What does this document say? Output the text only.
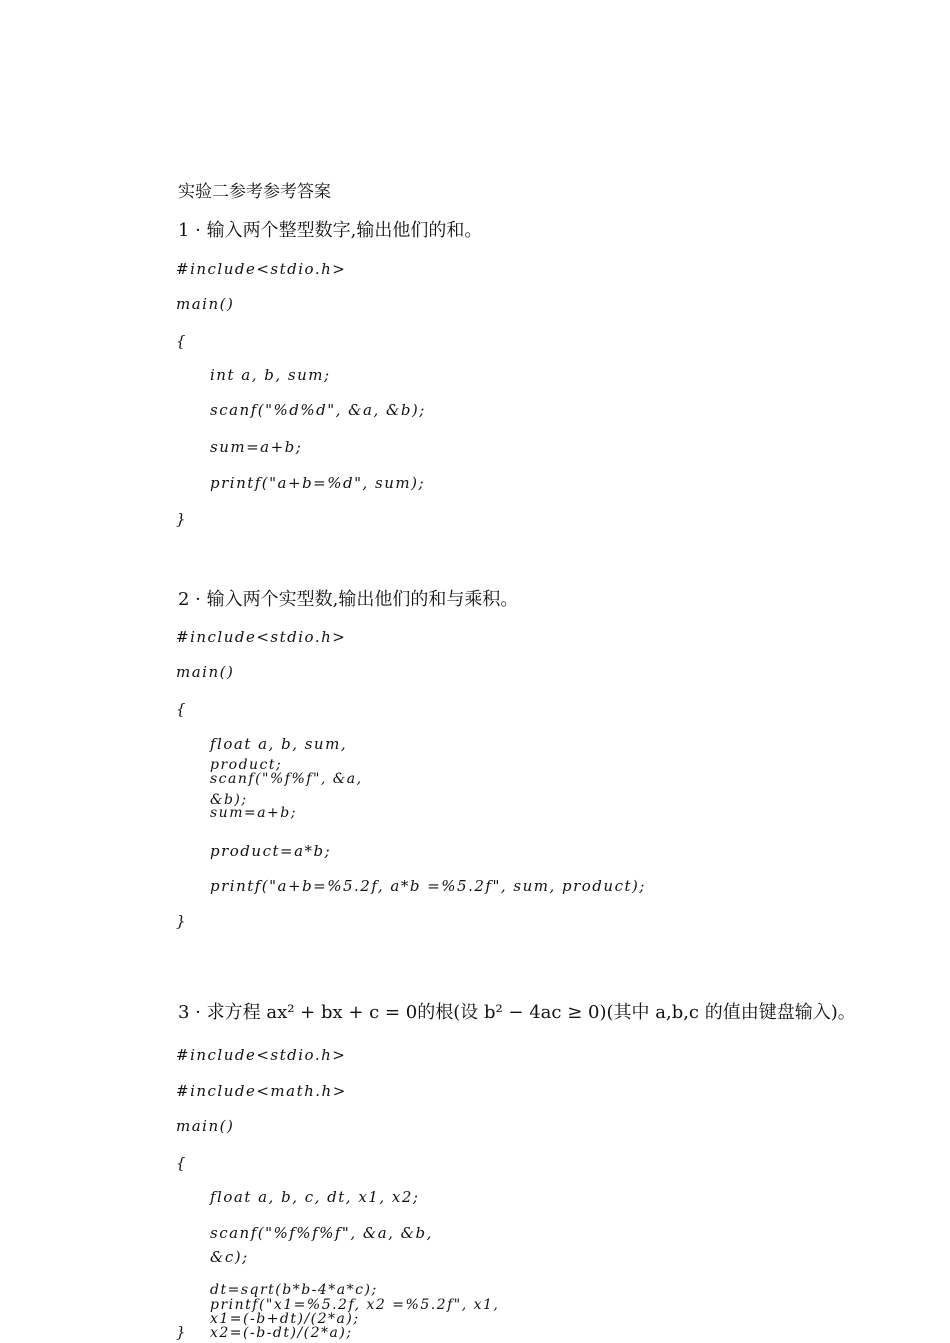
实验二参考参考答案
1 · 输入两个整型数字,输出他们的和。
#include<stdio.h>
main()
{
int a, b, sum;
scanf("%d%d", &a, &b);
sum=a+b;
printf("a+b=%d", sum);
}
2 · 输入两个实型数,输出他们的和与乘积。
#include<stdio.h>
main()
{
float a, b, sum,
product;
scanf("%f%f", &a,
&b);
sum=a+b;
product=a*b;
printf("a+b=%5.2f, a*b =%5.2f", sum, product);
}
3 · 求方程 ax² + bx + c = 0的根(设 b² − 4ac ≥ 0)(其中 a,b,c 的值由键盘输入)。
#include<stdio.h>
#include<math.h>
main()
{
float a, b, c, dt, x1, x2;
scanf("%f%f%f", &a, &b,
&c);
dt=sqrt(b*b-4*a*c);
printf("x1=%5.2f, x2 =%5.2f", x1,
x1=(-b+dt)/(2*a);
} x2=(-b-dt)/(2*a);
